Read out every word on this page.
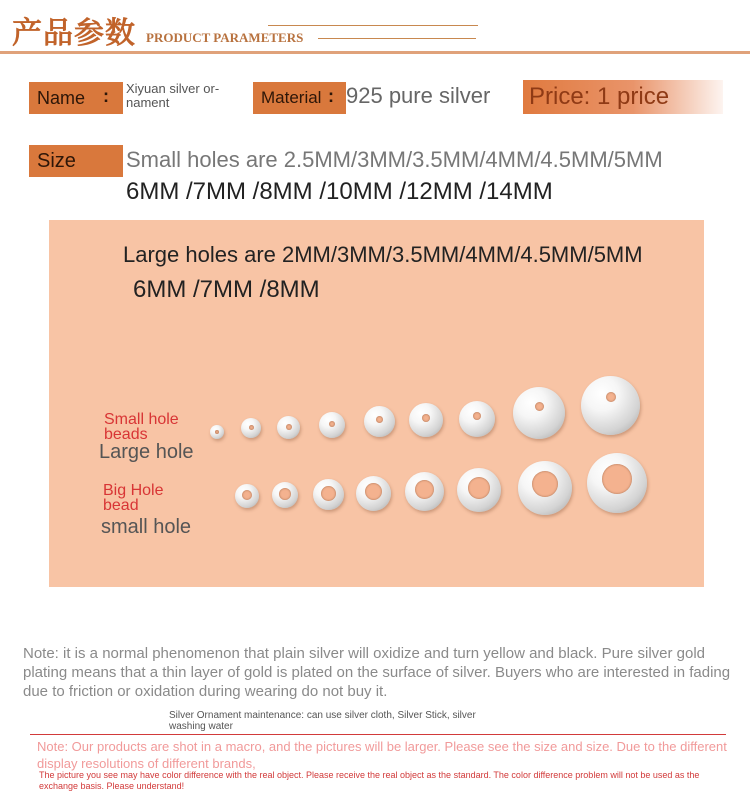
产品参数 PRODUCT PARAMETERS
Name : Xiyuan silver or- nament	Material : 925 pure silver Price: 1 price
Size Small holes are 2.5MM/3MM/3.5MM/4MM/4.5MM/5MM
6MM /7MM /8MM /10MM /12MM /14MM
Large holes are 2MM/3MM/3.5MM/4MM/4.5MM/5MM
6MM /7MM /8MM
Small hole beads
Large hole
Big Hole bead
small hole
Note: it is a normal phenomenon that plain silver will oxidize and turn yellow and black. Pure silver gold plating means that a thin layer of gold is plated on the surface of silver. Buyers who are interested in fading due to friction or oxidation during wearing do not buy it.
Silver Ornament maintenance: can use silver cloth, Silver Stick, silver washing water
Note: Our products are shot in a macro, and the pictures will be larger. Please see the size and size. Due to the different display resolutions of different brands,
The picture you see may have color difference with the real object. Please receive the real object as the standard. The color difference problem will not be used as the exchange basis. Please understand!
